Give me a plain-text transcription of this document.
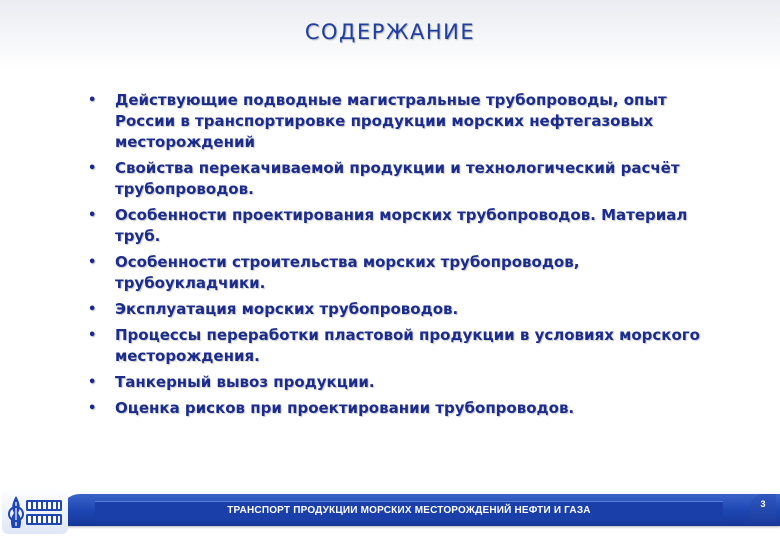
СОДЕРЖАНИЕ
• Действующие подводные магистральные трубопроводы, опыт России в транспортировке продукции морских нефтегазовых месторождений
• Свойства перекачиваемой продукции и технологический расчёт трубопроводов.
• Особенности проектирования морских трубопроводов. Материал труб.
• Особенности строительства морских трубопроводов, трубоукладчики.
• Эксплуатация морских трубопроводов.
• Процессы переработки пластовой продукции в условиях морского месторождения.
• Танкерный вывоз продукции.
• Оценка рисков при проектировании трубопроводов.
ТРАНСПОРТ ПРОДУКЦИИ МОРСКИХ МЕСТОРОЖДЕНИЙ НЕФТИ И ГАЗА
3
